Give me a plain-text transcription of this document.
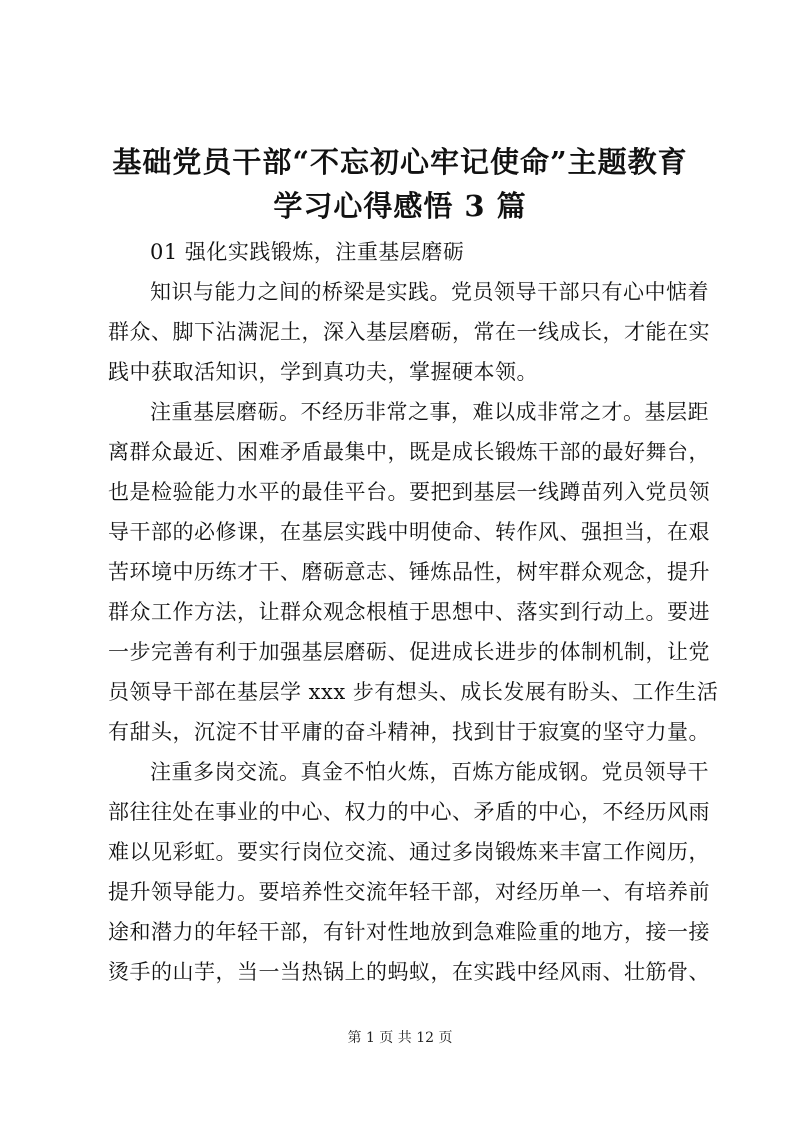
基础党员干部“不忘初心牢记使命”主题教育
学习心得感悟 3 篇
01 强化实践锻炼，注重基层磨砺
知识与能力之间的桥梁是实践。党员领导干部只有心中惦着
群众、脚下沾满泥土，深入基层磨砺，常在一线成长，才能在实
践中获取活知识，学到真功夫，掌握硬本领。
注重基层磨砺。不经历非常之事，难以成非常之才。基层距
离群众最近、困难矛盾最集中，既是成长锻炼干部的最好舞台，
也是检验能力水平的最佳平台。要把到基层一线蹲苗列入党员领
导干部的必修课，在基层实践中明使命、转作风、强担当，在艰
苦环境中历练才干、磨砺意志、锤炼品性，树牢群众观念，提升
群众工作方法，让群众观念根植于思想中、落实到行动上。要进
一步完善有利于加强基层磨砺、促进成长进步的体制机制，让党
员领导干部在基层学 xxx 步有想头、成长发展有盼头、工作生活
有甜头，沉淀不甘平庸的奋斗精神，找到甘于寂寞的坚守力量。
注重多岗交流。真金不怕火炼，百炼方能成钢。党员领导干
部往往处在事业的中心、权力的中心、矛盾的中心，不经历风雨
难以见彩虹。要实行岗位交流、通过多岗锻炼来丰富工作阅历，
提升领导能力。要培养性交流年轻干部，对经历单一、有培养前
途和潜力的年轻干部，有针对性地放到急难险重的地方，接一接
烫手的山芋，当一当热锅上的蚂蚁，在实践中经风雨、壮筋骨、
第 1 页 共 12 页
